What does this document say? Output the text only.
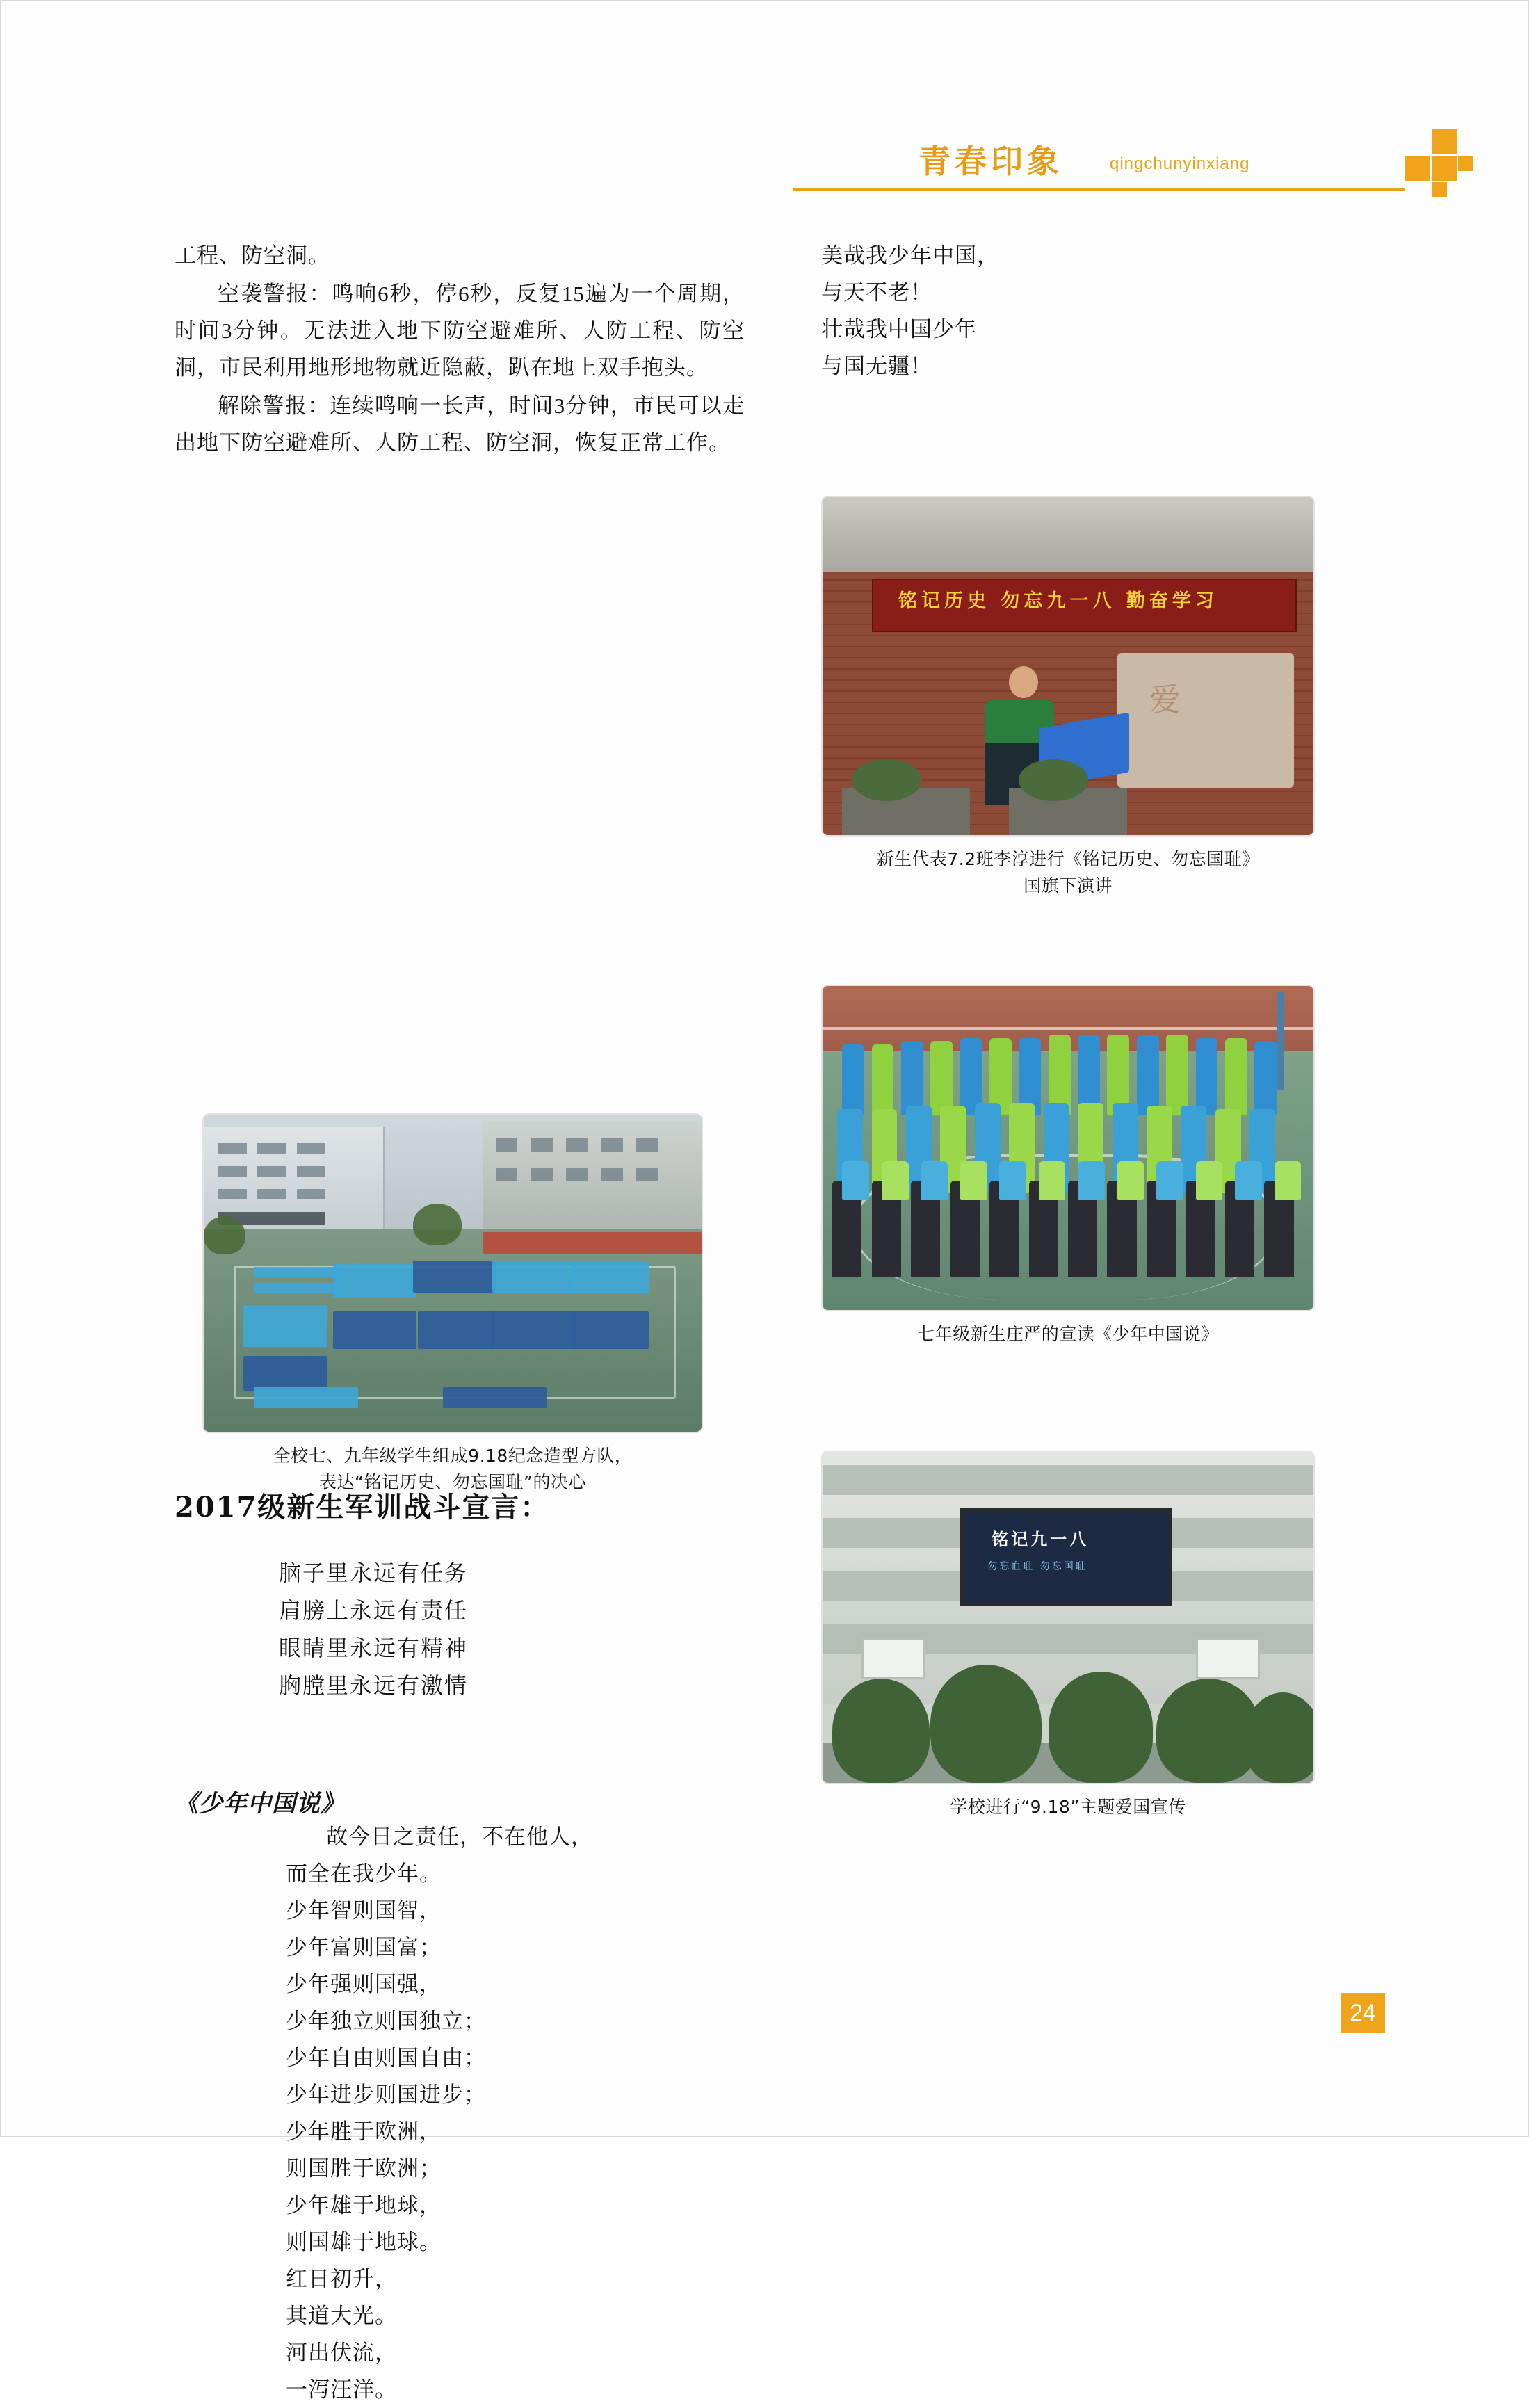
青春印象	qingchunyinxiang

工程、防空洞。

空袭警报：鸣响6秒，停6秒，反复15遍为一个周期，时间3分钟。无法进入地下防空避难所、人防工程、防空洞，市民利用地形地物就近隐蔽，趴在地上双手抱头。

解除警报：连续鸣响一长声，时间3分钟，市民可以走出地下防空避难所、人防工程、防空洞，恢复正常工作。

2017级新生军训战斗宣言：

脑子里永远有任务

肩膀上永远有责任

眼睛里永远有精神

胸膛里永远有激情

《少年中国说》

故今日之责任，不在他人，

而全在我少年。

少年智则国智，

少年富则国富；

少年强则国强，

少年独立则国独立；

少年自由则国自由；

少年进步则国进步；

少年胜于欧洲，

则国胜于欧洲；

少年雄于地球，

则国雄于地球。

红日初升，

其道大光。

河出伏流，

一泻汪洋。

美哉我少年中国，

与天不老！

壮哉我中国少年

与国无疆！

全校七、九年级学生组成9.18纪念造型方队，
表达“铭记历史、勿忘国耻”的决心
铭记历史 勿忘九一八 勤奋学习
爱
新生代表7.2班李淳进行《铭记历史、勿忘国耻》
国旗下演讲
七年级新生庄严的宣读《少年中国说》
铭记九一八
勿忘血耻 勿忘国耻
学校进行“9.18”主题爱国宣传
24
